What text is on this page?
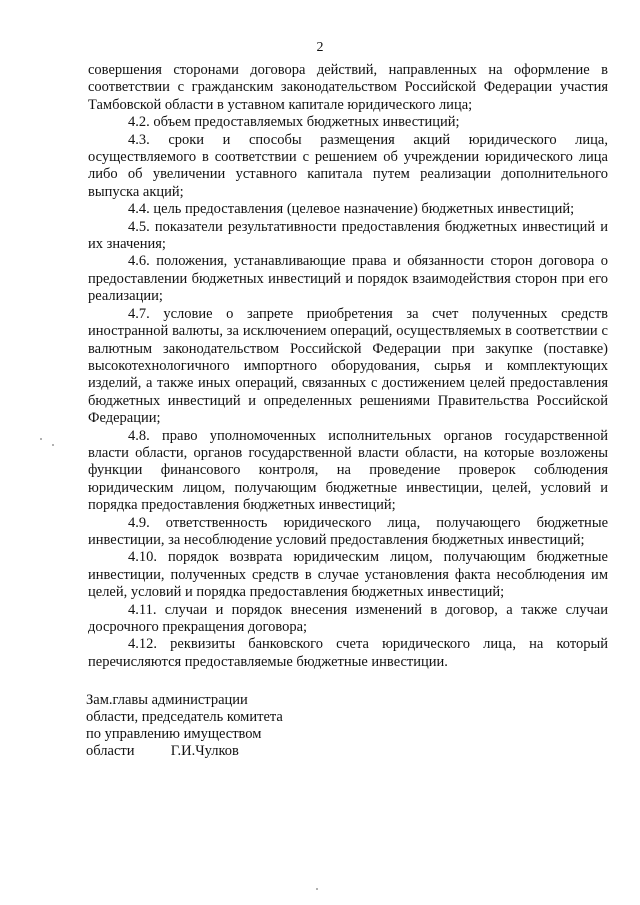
2

совершения сторонами договора действий, направленных на оформление в соответствии с гражданским законодательством Российской Федерации участия Тамбовской области в уставном капитале юридического лица;

4.2. объем предоставляемых бюджетных инвестиций;

4.3. сроки и способы размещения акций юридического лица, осуществляемого в соответствии с решением об учреждении юридического лица либо об увеличении уставного капитала путем реализации дополнительного выпуска акций;

4.4. цель предоставления (целевое назначение) бюджетных инвестиций;

4.5. показатели результативности предоставления бюджетных инвестиций и их значения;

4.6. положения, устанавливающие права и обязанности сторон договора о предоставлении бюджетных инвестиций и порядок взаимодействия сторон при его реализации;

4.7. условие о запрете приобретения за счет полученных средств иностранной валюты, за исключением операций, осуществляемых в соответствии с валютным законодательством Российской Федерации при закупке (поставке) высокотехнологичного импортного оборудования, сырья и комплектующих изделий, а также иных операций, связанных с достижением целей предоставления бюджетных инвестиций и определенных решениями Правительства Российской Федерации;

4.8. право уполномоченных исполнительных органов государственной власти области, органов государственной власти области, на которые возложены функции финансового контроля, на проведение проверок соблюдения юридическим лицом, получающим бюджетные инвестиции, целей, условий и порядка предоставления бюджетных инвестиций;

4.9. ответственность юридического лица, получающего бюджетные инвестиции, за несоблюдение условий предоставления бюджетных инвестиций;

4.10. порядок возврата юридическим лицом, получающим бюджетные инвестиции, полученных средств в случае установления факта несоблюдения им целей, условий и порядка предоставления бюджетных инвестиций;

4.11. случаи и порядок внесения изменений в договор, а также случаи досрочного прекращения договора;

4.12. реквизиты банковского счета юридического лица, на который перечисляются предоставляемые бюджетные инвестиции.

Зам.главы администрации
области, председатель комитета
по управлению имуществом
области          Г.И.Чулков
